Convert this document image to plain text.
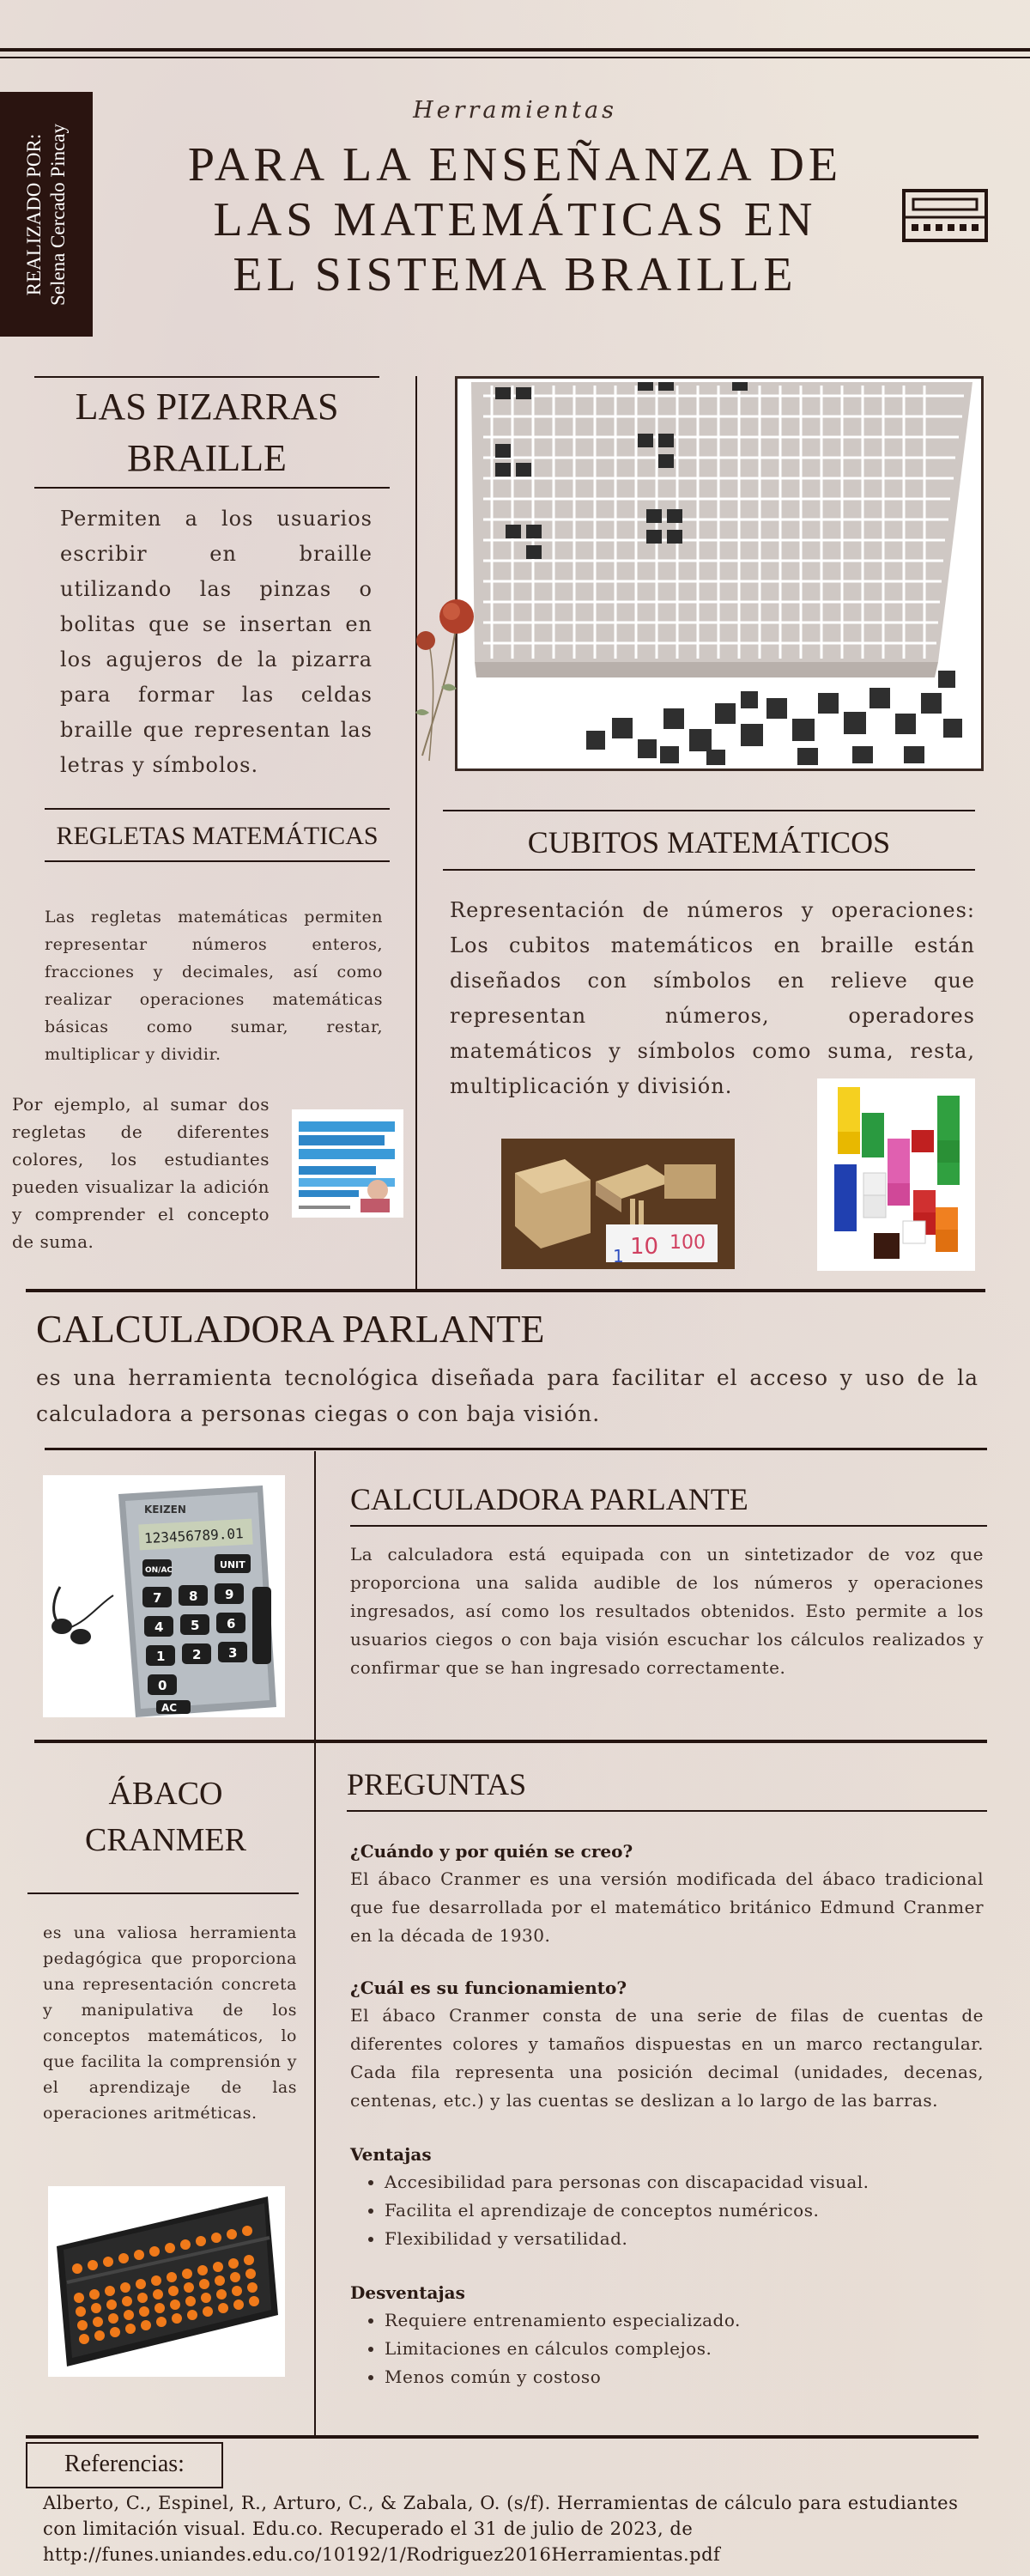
REALIZADO POR: Selena Cercado Pincay
Herramientas
PARA LA ENSEÑANZA DE
LAS MATEMÁTICAS EN
EL SISTEMA BRAILLE
LAS PIZARRAS
BRAILLE
Permiten a los usuarios escribir en braille utilizando las pinzas o bolitas que se insertan en los agujeros de la pizarra para formar las celdas braille que representan las letras y símbolos.
REGLETAS MATEMÁTICAS
Las regletas matemáticas permiten representar números enteros, fracciones y decimales, así como realizar operaciones matemáticas básicas como sumar, restar, multiplicar y dividir.
Por ejemplo, al sumar dos regletas de diferentes colores, los estudiantes pueden visualizar la adición y comprender el concepto de suma.
CUBITOS MATEMÁTICOS
Representación de números y operaciones: Los cubitos matemáticos en braille están diseñados con símbolos en relieve que representan números, operadores matemáticos y símbolos como suma, resta, multiplicación y división.
10 100
1
CALCULADORA PARLANTE
es una herramienta tecnológica diseñada para facilitar el acceso y uso de la calculadora a personas ciegas o con baja visión.
KEIZEN
123456789.01
ON/AC	UNIT
7 8 9
4 5 6
1 2 3
0
AC
CALCULADORA PARLANTE
La calculadora está equipada con un sintetizador de voz que proporciona una salida audible de los números y operaciones ingresados, así como los resultados obtenidos. Esto permite a los usuarios ciegos o con baja visión escuchar los cálculos realizados y confirmar que se han ingresado correctamente.
ÁBACO
CRANMER
es una valiosa herramienta pedagógica que proporciona una representación concreta y manipulativa de los conceptos matemáticos, lo que facilita la comprensión y el aprendizaje de las operaciones aritméticas.
PREGUNTAS
¿Cuándo y por quién se creo?
El ábaco Cranmer es una versión modificada del ábaco tradicional que fue desarrollada por el matemático británico Edmund Cranmer en la década de 1930.
¿Cuál es su funcionamiento?
El ábaco Cranmer consta de una serie de filas de cuentas de diferentes colores y tamaños dispuestas en un marco rectangular. Cada fila representa una posición decimal (unidades, decenas, centenas, etc.) y las cuentas se deslizan a lo largo de las barras.
Ventajas
• Accesibilidad para personas con discapacidad visual.
• Facilita el aprendizaje de conceptos numéricos.
• Flexibilidad y versatilidad.
Desventajas
• Requiere entrenamiento especializado.
• Limitaciones en cálculos complejos.
• Menos común y costoso
Referencias:
Alberto, C., Espinel, R., Arturo, C., & Zabala, O. (s/f). Herramientas de cálculo para estudiantes con limitación visual. Edu.co. Recuperado el 31 de julio de 2023, de http://funes.uniandes.edu.co/10192/1/Rodriguez2016Herramientas.pdf
